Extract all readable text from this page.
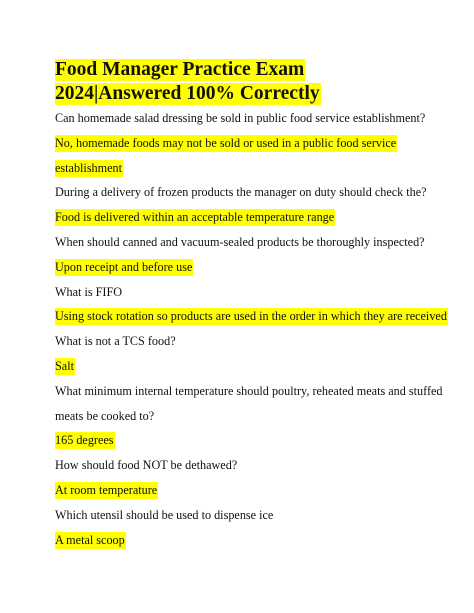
Food Manager Practice Exam
2024|Answered 100% Correctly
Can homemade salad dressing be sold in public food service establishment?
No, homemade foods may not be sold or used in a public food service
establishment
During a delivery of frozen products the manager on duty should check the?
Food is delivered within an acceptable temperature range
When should canned and vacuum-sealed products be thoroughly inspected?
Upon receipt and before use
What is FIFO
Using stock rotation so products are used in the order in which they are received
What is not a TCS food?
Salt
What minimum internal temperature should poultry, reheated meats and stuffed
meats be cooked to?
165 degrees
How should food NOT be dethawed?
At room temperature
Which utensil should be used to dispense ice
A metal scoop
